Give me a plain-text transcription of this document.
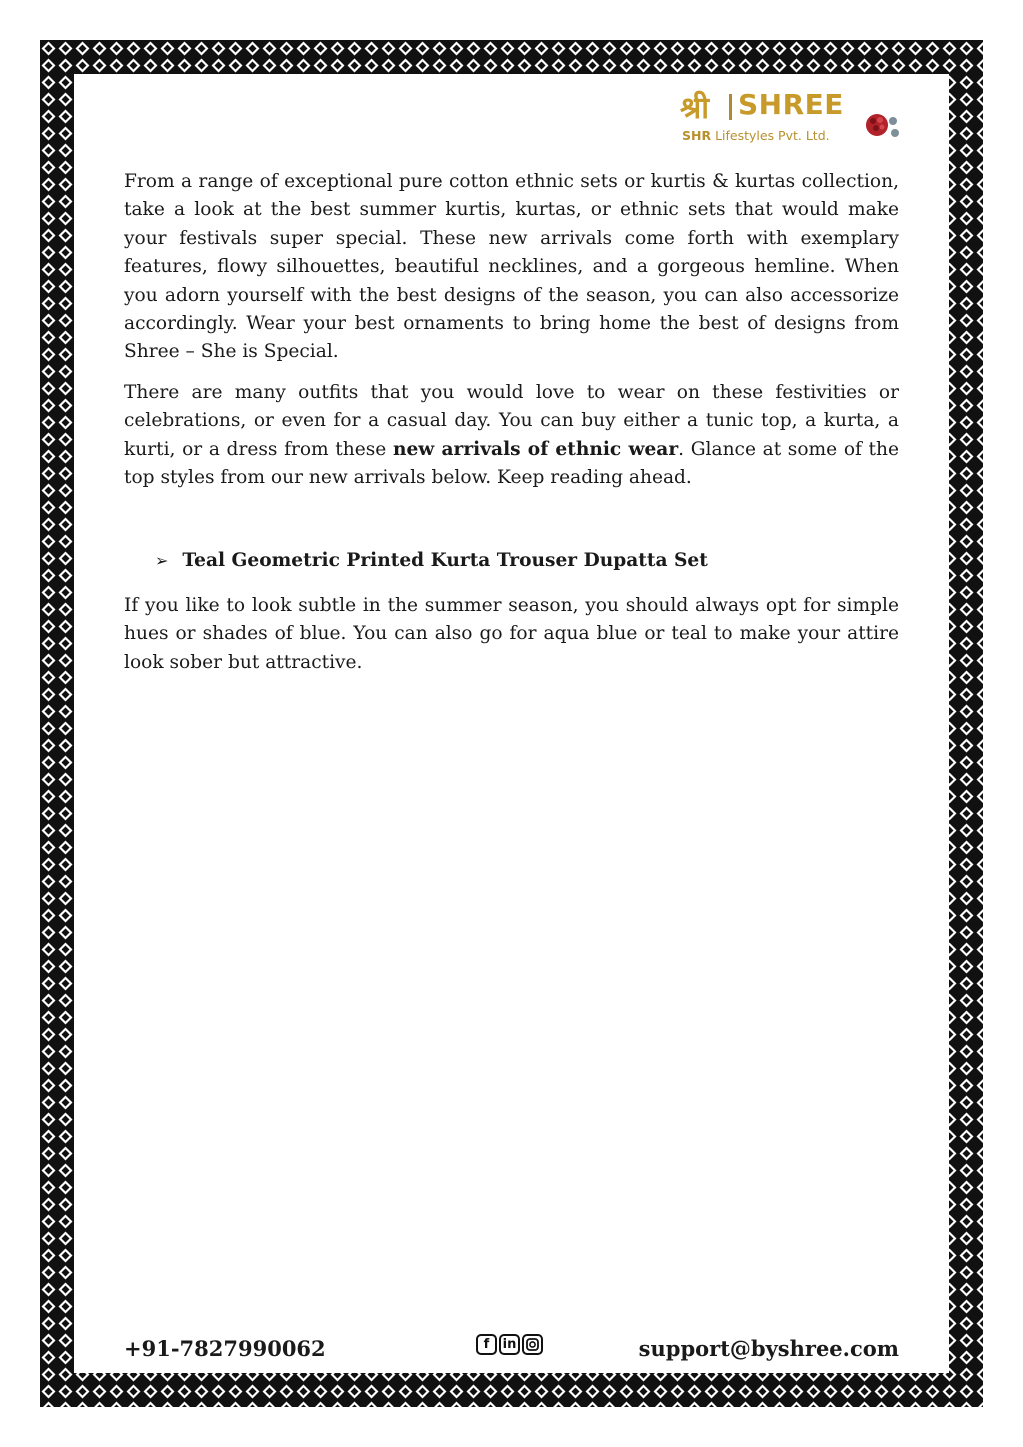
श्री SHREE
SHR Lifestyles Pvt. Ltd.

From a range of exceptional pure cotton ethnic sets or kurtis & kurtas collection, take a look at the best summer kurtis, kurtas, or ethnic sets that would make your festivals super special. These new arrivals come forth with exemplary features, flowy silhouettes, beautiful necklines, and a gorgeous hemline. When you adorn yourself with the best designs of the season, you can also accessorize accordingly. Wear your best ornaments to bring home the best of designs from Shree – She is Special.

There are many outfits that you would love to wear on these festivities or celebrations, or even for a casual day. You can buy either a tunic top, a kurta, a kurti, or a dress from these new arrivals of ethnic wear. Glance at some of the top styles from our new arrivals below. Keep reading ahead.

➢ Teal Geometric Printed Kurta Trouser Dupatta Set

If you like to look subtle in the summer season, you should always opt for simple hues or shades of blue. You can also go for aqua blue or teal to make your attire look sober but attractive.

+91-7827990062	f	in	support@byshree.com
